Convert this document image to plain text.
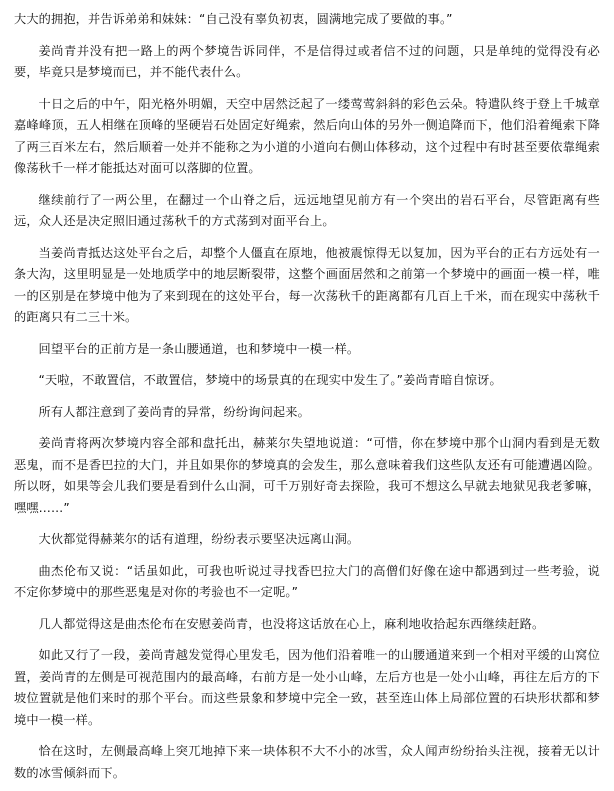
大大的拥抱，并告诉弟弟和妹妹：“自己没有辜负初衷，圆满地完成了要做的事。”

姜尚青并没有把一路上的两个梦境告诉同伴，不是信得过或者信不过的问题，只是单纯的觉得没有必要，毕竟只是梦境而已，并不能代表什么。

十日之后的中午，阳光格外明媚，天空中居然泛起了一缕莺莺斜斜的彩色云朵。特遣队终于登上千城章嘉峰峰顶，五人相继在顶峰的坚硬岩石处固定好绳索，然后向山体的另外一侧追降而下，他们沿着绳索下降了两三百米左右，然后顺着一处并不能称之为小道的小道向右侧山体移动，这个过程中有时甚至要依靠绳索像荡秋千一样才能抵达对面可以落脚的位置。

继续前行了一两公里，在翻过一个山脊之后，远远地望见前方有一个突出的岩石平台，尽管距离有些远，众人还是决定照旧通过荡秋千的方式荡到对面平台上。

当姜尚青抵达这处平台之后，却整个人僵直在原地，他被震惊得无以复加，因为平台的正右方远处有一条大沟，这里明显是一处地质学中的地层断裂带，这整个画面居然和之前第一个梦境中的画面一模一样，唯一的区别是在梦境中他为了来到现在的这处平台，每一次荡秋千的距离都有几百上千米，而在现实中荡秋千的距离只有二三十米。

回望平台的正前方是一条山腰通道，也和梦境中一模一样。

“天啦，不敢置信，不敢置信，梦境中的场景真的在现实中发生了。”姜尚青暗自惊讶。

所有人都注意到了姜尚青的异常，纷纷询问起来。

姜尚青将两次梦境内容全部和盘托出，赫莱尔失望地说道：“可惜，你在梦境中那个山洞内看到是无数恶鬼，而不是香巴拉的大门，并且如果你的梦境真的会发生，那么意味着我们这些队友还有可能遭遇凶险。所以呀，如果等会儿我们要是看到什么山洞，可千万别好奇去探险，我可不想这么早就去地狱见我老爹嘛，嘿嘿……”

大伙都觉得赫莱尔的话有道理，纷纷表示要坚决远离山洞。

曲杰伦布又说：“话虽如此，可我也听说过寻找香巴拉大门的高僧们好像在途中都遇到过一些考验，说不定你梦境中的那些恶鬼是对你的考验也不一定呢。”

几人都觉得这是曲杰伦布在安慰姜尚青，也没将这话放在心上，麻利地收拾起东西继续赶路。

如此又行了一段，姜尚青越发觉得心里发毛，因为他们沿着唯一的山腰通道来到一个相对平缓的山窝位置，姜尚青的左侧是可视范围内的最高峰，右前方是一处小山峰，左后方也是一处小山峰，再往左后方的下坡位置就是他们来时的那个平台。而这些景象和梦境中完全一致，甚至连山体上局部位置的石块形状都和梦境中一模一样。

恰在这时，左侧最高峰上突兀地掉下来一块体积不大不小的冰雪，众人闻声纷纷抬头注视，接着无以计数的冰雪倾斜而下。
